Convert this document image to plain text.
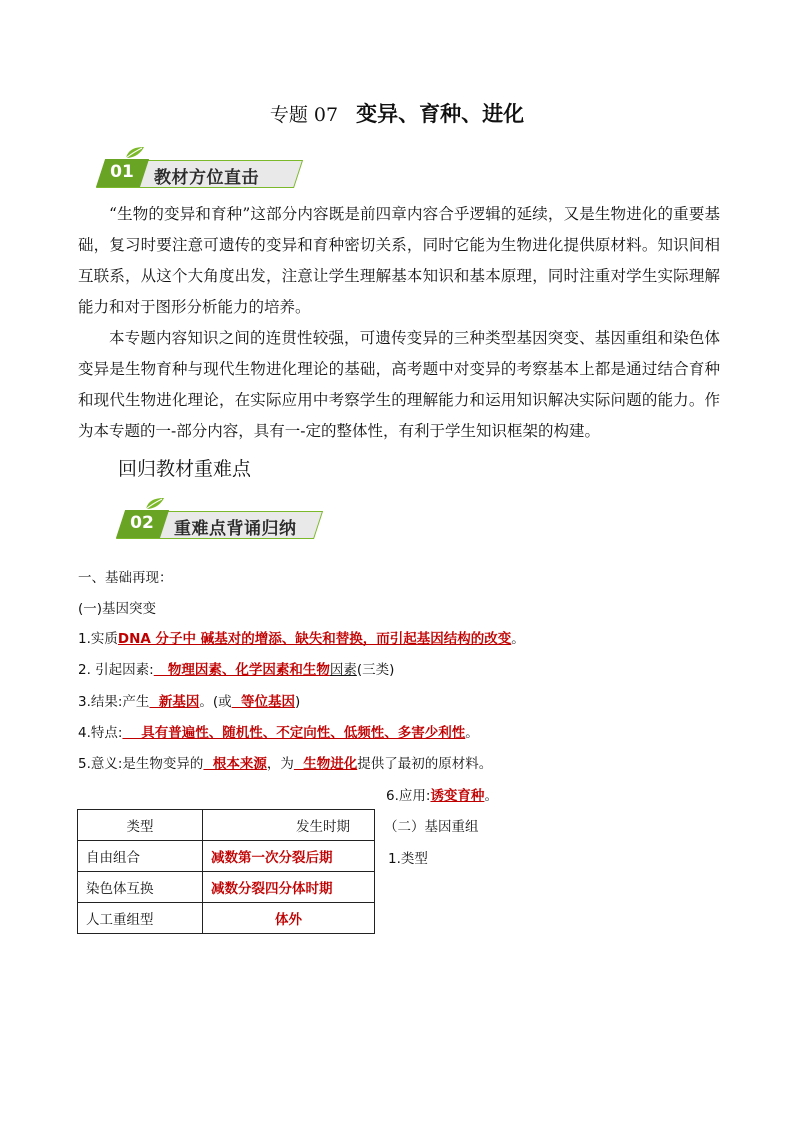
专题 07 变异、育种、进化
01	教材方位直击

“生物的变异和育种”这部分内容既是前四章内容合乎逻辑的延续，又是生物进化的重要基础，复习时要注意可遗传的变异和育种密切关系，同时它能为生物进化提供原材料。知识间相互联系，从这个大角度出发，注意让学生理解基本知识和基本原理，同时注重对学生实际理解能力和对于图形分析能力的培养。

本专题内容知识之间的连贯性较强，可遗传变异的三种类型基因突变、基因重组和染色体变异是生物育种与现代生物进化理论的基础，高考题中对变异的考察基本上都是通过结合育种和现代生物进化理论，在实际应用中考察学生的理解能力和运用知识解决实际问题的能力。作为本专题的一-部分内容，具有一-定的整体性，有利于学生知识框架的构建。

回归教材重难点
02	重难点背诵归纳
一、基础再现：
(一)基因突变
1.实质DNA 分子中 碱基对的增添、缺失和替换，而引起基因结构的改变。
2. 引起因素:   物理因素、化学因素和生物因素(三类)
3.结果:产生  新基因。(或  等位基因)
4.特点:    具有普遍性、随机性、不定向性、低频性、多害少利性。
5.意义:是生物变异的  根本来源，为  生物进化提供了最初的原材料。
6.应用:诱变育种。
（二）基因重组
1.类型
类型	发生时期
自由组合	减数第一次分裂后期
染色体互换	减数分裂四分体时期
人工重组型	体外
